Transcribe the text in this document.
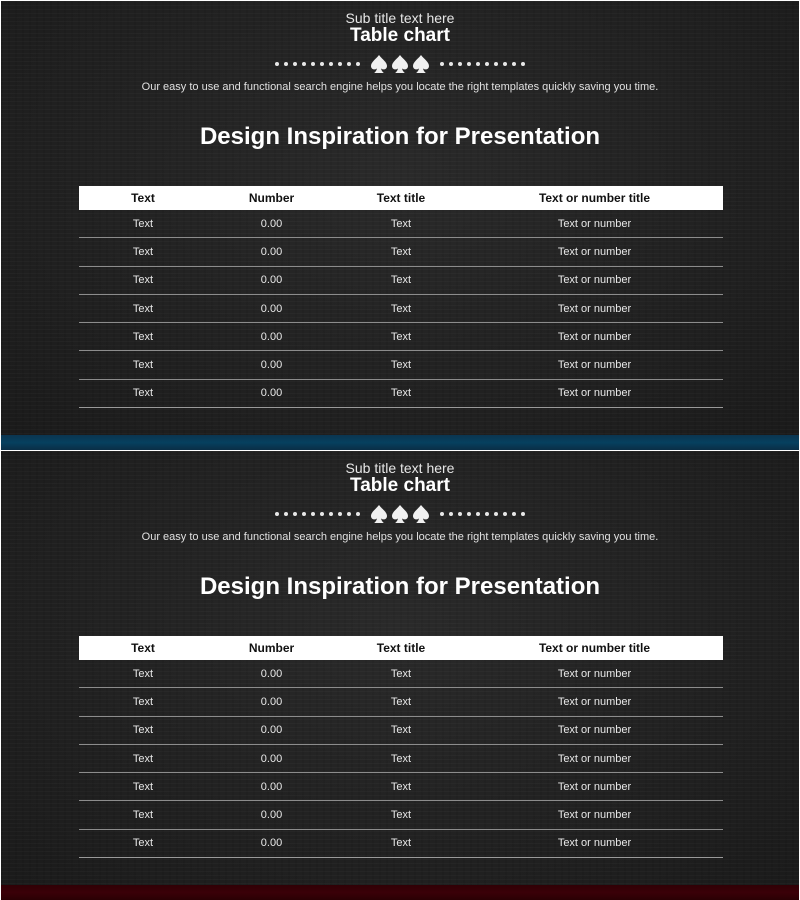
Sub title text here
Table chart
Our easy to use and functional search engine helps you locate the right templates quickly saving you time.
Design Inspiration for Presentation
Text	Number	Text title	Text or number title
Text	0.00	Text	Text or number
Text	0.00	Text	Text or number
Text	0.00	Text	Text or number
Text	0.00	Text	Text or number
Text	0.00	Text	Text or number
Text	0.00	Text	Text or number
Text	0.00	Text	Text or number
Sub title text here
Table chart
Our easy to use and functional search engine helps you locate the right templates quickly saving you time.
Design Inspiration for Presentation
Text	Number	Text title	Text or number title
Text	0.00	Text	Text or number
Text	0.00	Text	Text or number
Text	0.00	Text	Text or number
Text	0.00	Text	Text or number
Text	0.00	Text	Text or number
Text	0.00	Text	Text or number
Text	0.00	Text	Text or number
